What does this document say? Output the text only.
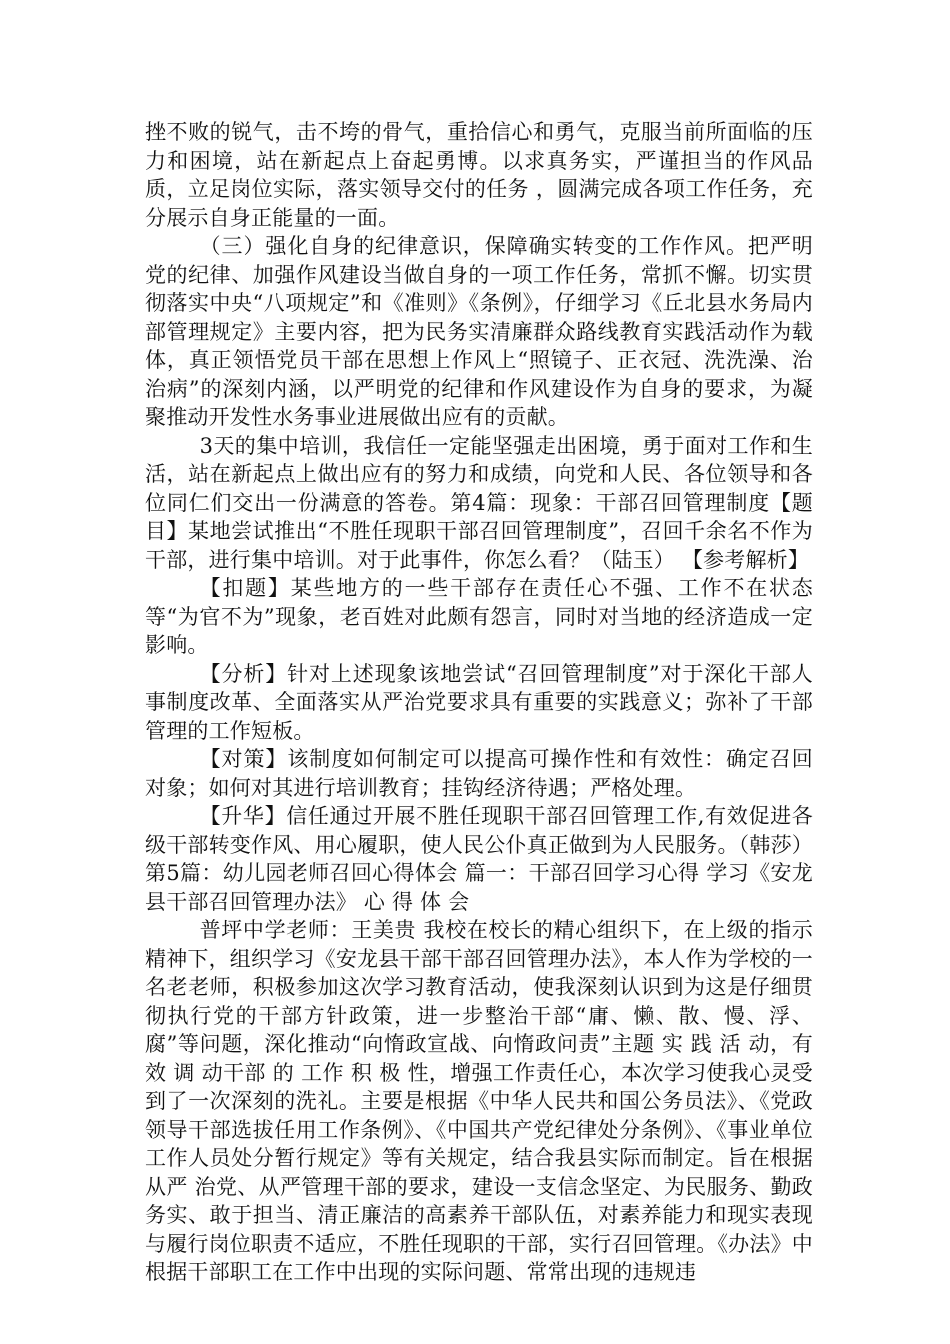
挫不败的锐气，击不垮的骨气，重拾信心和勇气，克服当前所面临的压力和困境，站在新起点上奋起勇博。以求真务实，严谨担当的作风品质，立足岗位实际，落实领导交付的任务 ，圆满完成各项工作任务，充分展示自身正能量的一面。

（三）强化自身的纪律意识，保障确实转变的工作作风。把严明党的纪律、加强作风建设当做自身的一项工作任务，常抓不懈。切实贯彻落实中央“八项规定”和《准则》《条例》，仔细学习《丘北县水务局内部管理规定》主要内容，把为民务实清廉群众路线教育实践活动作为载体，真正领悟党员干部在思想上作风上“照镜子、正衣冠、洗洗澡、治治病”的深刻内涵，以严明党的纪律和作风建设作为自身的要求，为凝聚推动开发性水务事业进展做出应有的贡献。

3天的集中培训，我信任一定能坚强走出困境，勇于面对工作和生活，站在新起点上做出应有的努力和成绩，向党和人民、各位领导和各位同仁们交出一份满意的答卷。第4篇：现象：干部召回管理制度【题目】某地尝试推出“不胜任现职干部召回管理制度”，召回千余名不作为干部，进行集中培训。对于此事件，你怎么看？（陆玉） 【参考解析】

【扣题】某些地方的一些干部存在责任心不强、工作不在状态等“为官不为”现象，老百姓对此颇有怨言，同时对当地的经济造成一定影响。

【分析】针对上述现象该地尝试“召回管理制度”对于深化干部人事制度改革、全面落实从严治党要求具有重要的实践意义；弥补了干部管理的工作短板。

【对策】该制度如何制定可以提高可操作性和有效性：确定召回对象；如何对其进行培训教育；挂钩经济待遇；严格处理。

【升华】信任通过开展不胜任现职干部召回管理工作,有效促进各级干部转变作风、用心履职，使人民公仆真正做到为人民服务。（韩莎）第5篇：幼儿园老师召回心得体会 篇一：干部召回学习心得 学习《安龙县干部召回管理办法》 心 得 体 会

普坪中学老师：王美贵 我校在校长的精心组织下，在上级的指示精神下，组织学习《安龙县干部干部召回管理办法》，本人作为学校的一名老老师，积极参加这次学习教育活动，使我深刻认识到为这是仔细贯彻执行党的干部方针政策，进一步整治干部“庸、懒、散、慢、浮、腐”等问题，深化推动“向惰政宣战、向惰政问责”主题 实 践 活 动，有 效 调 动干部 的 工作 积 极 性，增强工作责任心，本次学习使我心灵受到了一次深刻的洗礼。主要是根据《中华人民共和国公务员法》、《党政领导干部选拔任用工作条例》、《中国共产党纪律处分条例》、《事业单位工作人员处分暂行规定》等有关规定，结合我县实际而制定。旨在根据从严 治党、从严管理干部的要求，建设一支信念坚定、为民服务、勤政务实、敢于担当、清正廉洁的高素养干部队伍，对素养能力和现实表现与履行岗位职责不适应，不胜任现职的干部，实行召回管理。《办法》中根据干部职工在工作中出现的实际问题、常常出现的违规违
